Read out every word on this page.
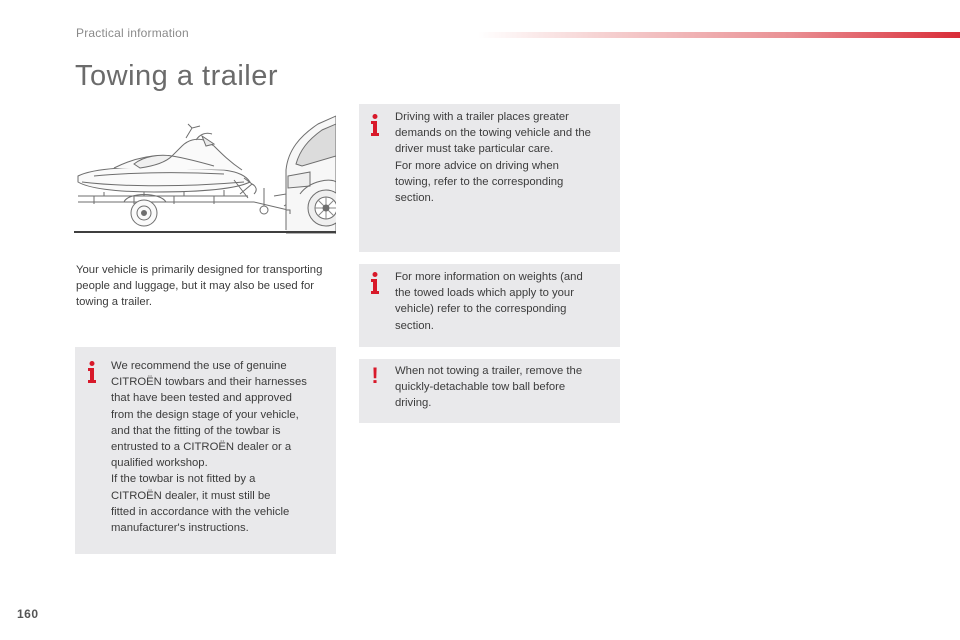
Practical information
Towing a trailer
Your vehicle is primarily designed for transporting people and luggage, but it may also be used for towing a trailer.
We recommend the use of genuine
CITROËN towbars and their harnesses
that have been tested and approved
from the design stage of your vehicle,
and that the fitting of the towbar is
entrusted to a CITROËN dealer or a
qualified workshop.
If the towbar is not fitted by a
CITROËN dealer, it must still be
fitted in accordance with the vehicle
manufacturer's instructions.
Driving with a trailer places greater
demands on the towing vehicle and the
driver must take particular care.
For more advice on driving when
towing, refer to the corresponding
section.
For more information on weights (and
the towed loads which apply to your
vehicle) refer to the corresponding
section.
! When not towing a trailer, remove the
quickly-detachable tow ball before
driving.
160
